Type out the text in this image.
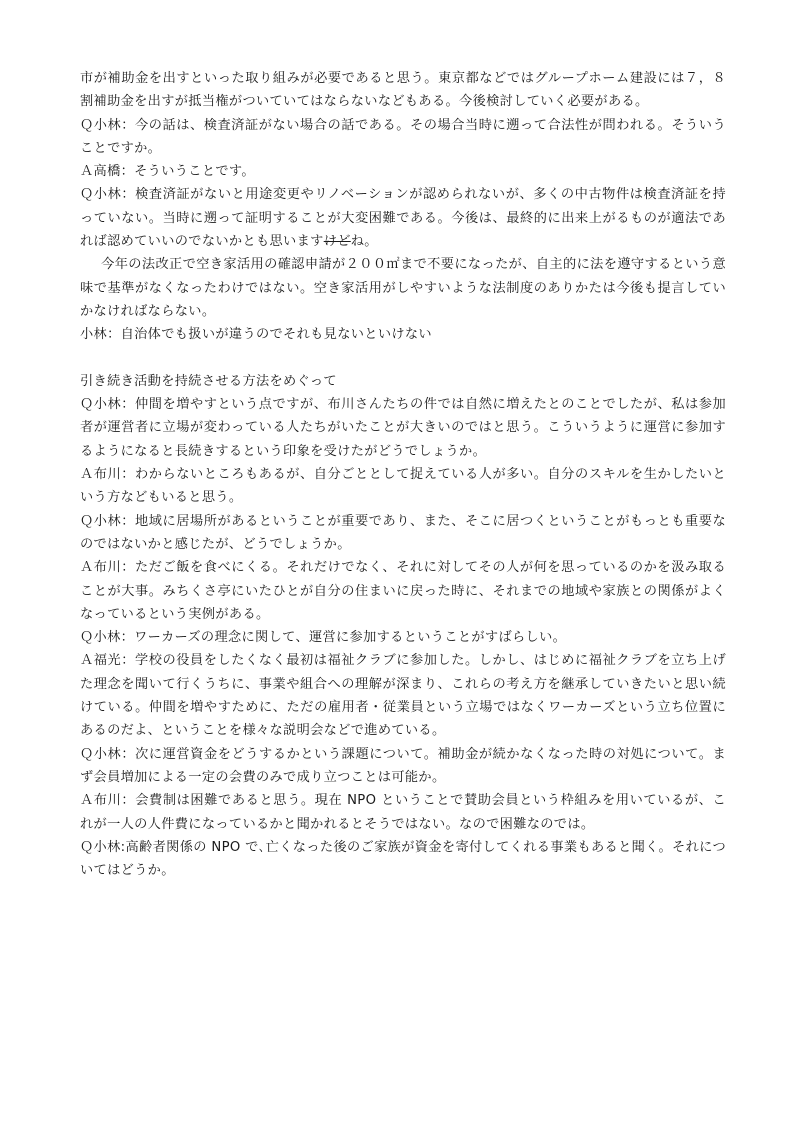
市が補助金を出すといった取り組みが必要であると思う。東京都などではグループホーム建設には７，８割補助金を出すが抵当権がついていてはならないなどもある。今後検討していく必要がある。

Ｑ小林：今の話は、検査済証がない場合の話である。その場合当時に遡って合法性が問われる。そういうことですか。

Ａ高橋：そういうことです。

Ｑ小林：検査済証がないと用途変更やリノベーションが認められないが、多くの中古物件は検査済証を持っていない。当時に遡って証明することが大変困難である。今後は、最終的に出来上がるものが適法であれば認めていいのでないかとも思いますけどね。

今年の法改正で空き家活用の確認申請が２００㎡まで不要になったが、自主的に法を遵守するという意味で基準がなくなったわけではない。空き家活用がしやすいような法制度のありかたは今後も提言していかなければならない。

小林：自治体でも扱いが違うのでそれも見ないといけない

引き続き活動を持続させる方法をめぐって

Ｑ小林：仲間を増やすという点ですが、布川さんたちの件では自然に増えたとのことでしたが、私は参加者が運営者に立場が変わっている人たちがいたことが大きいのではと思う。こういうように運営に参加するようになると長続きするという印象を受けたがどうでしょうか。

Ａ布川：わからないところもあるが、自分ごととして捉えている人が多い。自分のスキルを生かしたいという方などもいると思う。

Ｑ小林：地域に居場所があるということが重要であり、また、そこに居つくということがもっとも重要なのではないかと感じたが、どうでしょうか。

Ａ布川：ただご飯を食べにくる。それだけでなく、それに対してその人が何を思っているのかを汲み取ることが大事。みちくさ亭にいたひとが自分の住まいに戻った時に、それまでの地域や家族との関係がよくなっているという実例がある。

Ｑ小林：ワーカーズの理念に関して、運営に参加するということがすばらしい。

Ａ福光：学校の役員をしたくなく最初は福祉クラブに参加した。しかし、はじめに福祉クラブを立ち上げた理念を聞いて行くうちに、事業や組合への理解が深まり、これらの考え方を継承していきたいと思い続けている。仲間を増やすために、ただの雇用者・従業員という立場ではなくワーカーズという立ち位置にあるのだよ、ということを様々な説明会などで進めている。

Ｑ小林：次に運営資金をどうするかという課題について。補助金が続かなくなった時の対処について。まず会員増加による一定の会費のみで成り立つことは可能か。

Ａ布川：会費制は困難であると思う。現在 NPO ということで賛助会員という枠組みを用いているが、これが一人の人件費になっているかと聞かれるとそうではない。なので困難なのでは。

Ｑ小林:高齢者関係の NPO で､亡くなった後のご家族が資金を寄付してくれる事業もあると聞く。それについてはどうか。
